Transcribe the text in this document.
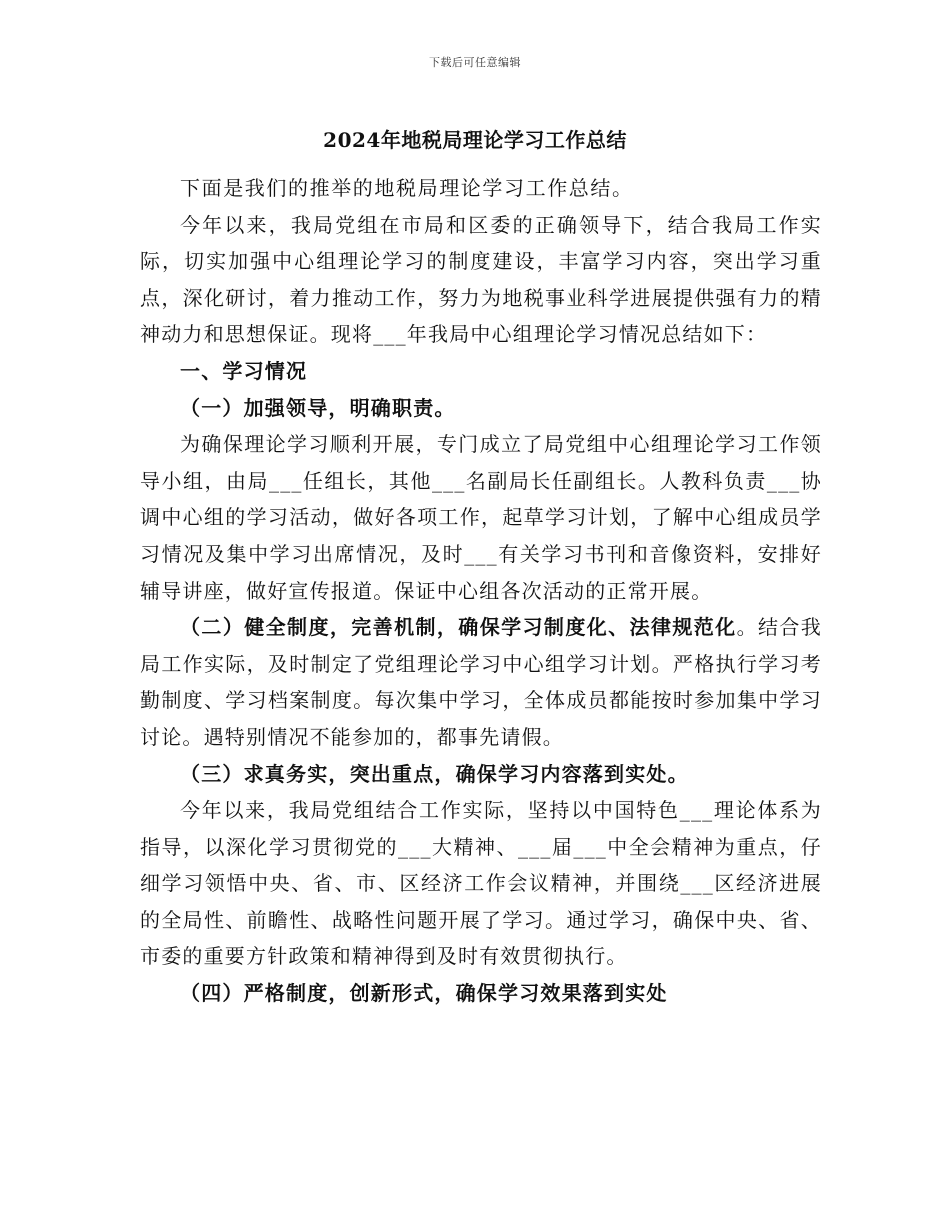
下载后可任意编辑
2024年地税局理论学习工作总结

下面是我们的推举的地税局理论学习工作总结。

今年以来，我局党组在市局和区委的正确领导下，结合我局工作实际，切实加强中心组理论学习的制度建设，丰富学习内容，突出学习重点，深化研讨，着力推动工作，努力为地税事业科学进展提供强有力的精神动力和思想保证。现将___年我局中心组理论学习情况总结如下：

一、学习情况

（一）加强领导，明确职责。

为确保理论学习顺利开展，专门成立了局党组中心组理论学习工作领导小组，由局___任组长，其他___名副局长任副组长。人教科负责___协调中心组的学习活动，做好各项工作，起草学习计划，了解中心组成员学习情况及集中学习出席情况，及时___有关学习书刊和音像资料，安排好辅导讲座，做好宣传报道。保证中心组各次活动的正常开展。

（二）健全制度，完善机制，确保学习制度化、法律规范化。结合我局工作实际，及时制定了党组理论学习中心组学习计划。严格执行学习考勤制度、学习档案制度。每次集中学习，全体成员都能按时参加集中学习讨论。遇特别情况不能参加的，都事先请假。

（三）求真务实，突出重点，确保学习内容落到实处。

今年以来，我局党组结合工作实际，坚持以中国特色___理论体系为指导，以深化学习贯彻党的___大精神、___届___中全会精神为重点，仔细学习领悟中央、省、市、区经济工作会议精神，并围绕___区经济进展的全局性、前瞻性、战略性问题开展了学习。通过学习，确保中央、省、市委的重要方针政策和精神得到及时有效贯彻执行。

（四）严格制度，创新形式，确保学习效果落到实处
